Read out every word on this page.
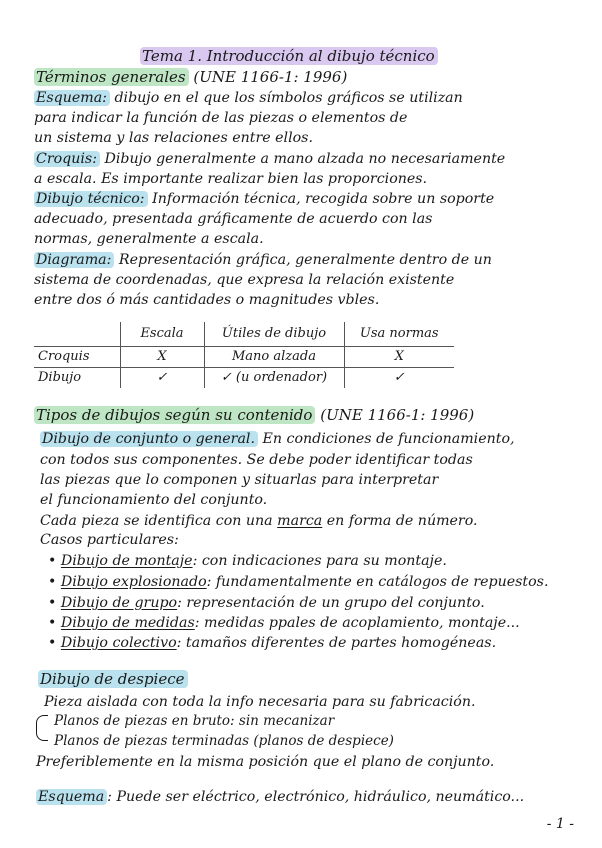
Tema 1. Introducción al dibujo técnico
Términos generales (UNE 1166-1: 1996)
Esquema: dibujo en el que los símbolos gráficos se utilizan
para indicar la función de las piezas o elementos de
un sistema y las relaciones entre ellos.
Croquis: Dibujo generalmente a mano alzada no necesariamente
a escala. Es importante realizar bien las proporciones.
Dibujo técnico: Información técnica, recogida sobre un soporte
adecuado, presentada gráficamente de acuerdo con las
normas, generalmente a escala.
Diagrama: Representación gráfica, generalmente dentro de un
sistema de coordenadas, que expresa la relación existente
entre dos ó más cantidades o magnitudes vbles.
	Escala	Útiles de dibujo	Usa normas
Croquis	X	Mano alzada	X
Dibujo	✓	✓ (u ordenador)	✓
Tipos de dibujos según su contenido (UNE 1166-1: 1996)
Dibujo de conjunto o general. En condiciones de funcionamiento,
con todos sus componentes. Se debe poder identificar todas
las piezas que lo componen y situarlas para interpretar
el funcionamiento del conjunto.
Cada pieza se identifica con una marca en forma de número.
Casos particulares:
• Dibujo de montaje: con indicaciones para su montaje.
• Dibujo explosionado: fundamentalmente en catálogos de repuestos.
• Dibujo de grupo: representación de un grupo del conjunto.
• Dibujo de medidas: medidas ppales de acoplamiento, montaje...
• Dibujo colectivo: tamaños diferentes de partes homogéneas.
Dibujo de despiece
Pieza aislada con toda la info necesaria para su fabricación.
Planos de piezas en bruto: sin mecanizar
Planos de piezas terminadas (planos de despiece)
Preferiblemente en la misma posición que el plano de conjunto.
Esquema : Puede ser eléctrico, electrónico, hidráulico, neumático...
- 1 -
